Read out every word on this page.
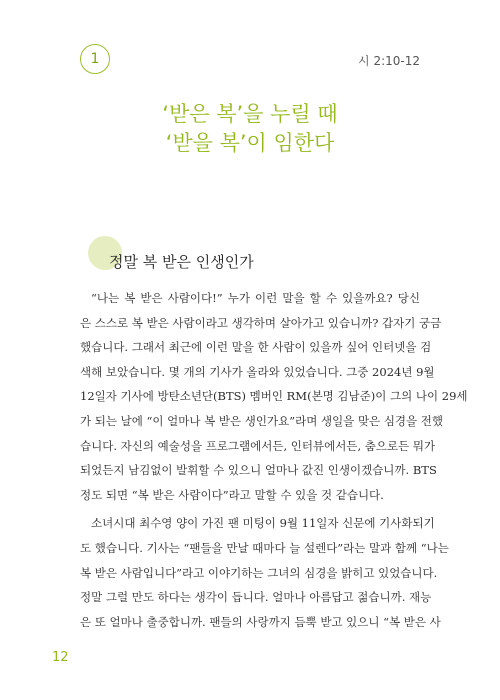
1	시 2:10-12
‘받은 복’을 누릴 때
‘받을 복’이 임한다
정말 복 받은 인생인가
“나는 복 받은 사람이다!” 누가 이런 말을 할 수 있을까요? 당신
은 스스로 복 받은 사람이라고 생각하며 살아가고 있습니까? 갑자기 궁금
했습니다. 그래서 최근에 이런 말을 한 사람이 있을까 싶어 인터넷을 검
색해 보았습니다. 몇 개의 기사가 올라와 있었습니다. 그중 2024년 9월
12일자 기사에 방탄소년단(BTS) 멤버인 RM(본명 김남준)이 그의 나이 29세
가 되는 날에 “이 얼마나 복 받은 생인가요”라며 생일을 맞은 심경을 전했
습니다. 자신의 예술성을 프로그램에서든, 인터뷰에서든, 춤으로든 뭐가
되었든지 남김없이 발휘할 수 있으니 얼마나 값진 인생이겠습니까. BTS
정도 되면 “복 받은 사람이다”라고 말할 수 있을 것 같습니다.
소녀시대 최수영 양이 가진 팬 미팅이 9월 11일자 신문에 기사화되기
도 했습니다. 기사는 “팬들을 만날 때마다 늘 설렌다”라는 말과 함께 “나는
복 받은 사람입니다”라고 이야기하는 그녀의 심경을 밝히고 있었습니다.
정말 그럴 만도 하다는 생각이 듭니다. 얼마나 아름답고 젊습니까. 재능
은 또 얼마나 출중합니까. 팬들의 사랑까지 듬뿍 받고 있으니 “복 받은 사
12
